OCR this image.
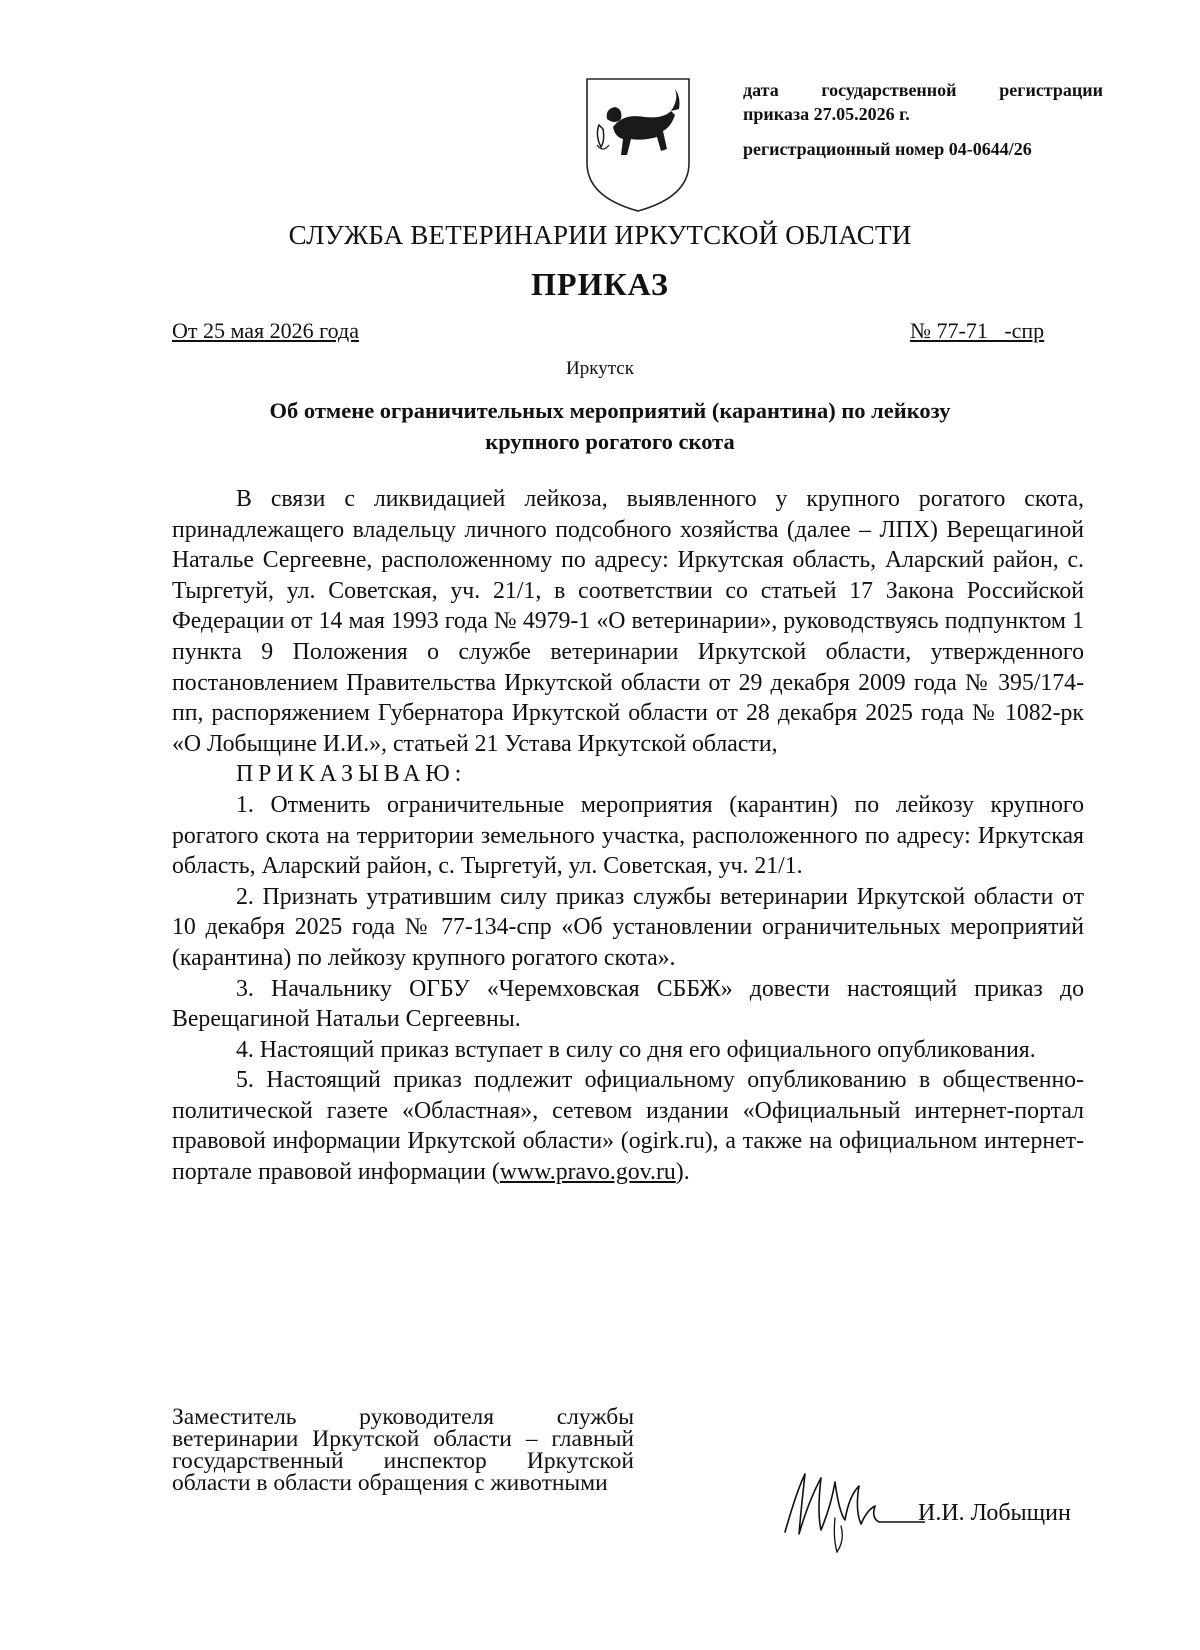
дата государственной регистрации
приказа 27.05.2026 г.
регистрационный номер 04-0644/26
СЛУЖБА ВЕТЕРИНАРИИ ИРКУТСКОЙ ОБЛАСТИ
ПРИКАЗ
От 25 мая 2026 года	№ 77-71   -спр
Иркутск
Об отмене ограничительных мероприятий (карантина) по лейкозу
крупного рогатого скота

В связи с ликвидацией лейкоза, выявленного у крупного рогатого скота, принадлежащего владельцу личного подсобного хозяйства (далее – ЛПХ) Верещагиной Наталье Сергеевне, расположенному по адресу: Иркутская область, Аларский район, с. Тыргетуй, ул. Советская, уч. 21/1, в соответствии со статьей 17 Закона Российской Федерации от 14 мая 1993 года № 4979-1 «О ветеринарии», руководствуясь подпунктом 1 пункта 9 Положения о службе ветеринарии Иркутской области, утвержденного постановлением Правительства Иркутской области от 29 декабря 2009 года № 395/174-пп, распоряжением Губернатора Иркутской области от 28 декабря 2025 года № 1082-рк «О Лобыщине И.И.», статьей 21 Устава Иркутской области,

ПРИКАЗЫВАЮ:

1. Отменить ограничительные мероприятия (карантин) по лейкозу крупного рогатого скота на территории земельного участка, расположенного по адресу: Иркутская область, Аларский район, с. Тыргетуй, ул. Советская, уч. 21/1.

2. Признать утратившим силу приказ службы ветеринарии Иркутской области от 10 декабря 2025 года № 77-134-спр «Об установлении ограничительных мероприятий (карантина) по лейкозу крупного рогатого скота».

3. Начальнику ОГБУ «Черемховская СББЖ» довести настоящий приказ до Верещагиной Натальи Сергеевны.

4. Настоящий приказ вступает в силу со дня его официального опубликования.

5. Настоящий приказ подлежит официальному опубликованию в общественно-политической газете «Областная», сетевом издании «Официальный интернет-портал правовой информации Иркутской области» (ogirk.ru), а также на официальном интернет-портале правовой информации (www.pravo.gov.ru).

Заместитель руководителя службы ветеринарии Иркутской области – главный государственный инспектор Иркутской области в области обращения с животными
И.И. Лобыщин
